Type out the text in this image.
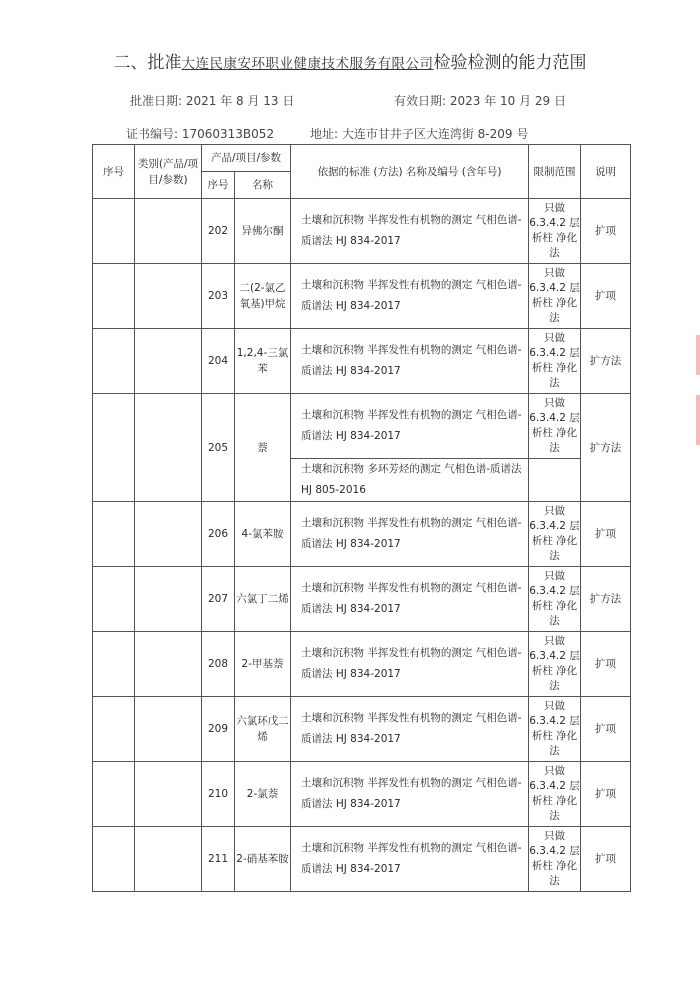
二、批准大连民康安环职业健康技术服务有限公司检验检测的能力范围
批准日期: 2021 年 8 月 13 日	有效日期: 2023 年 10 月 29 日
证书编号: 17060313B052	地址: 大连市甘井子区大连湾街 8-209 号
序号	类别(产品/项目/参数)	产品/项目/参数		依据的标准 (方法) 名称及编号 (含年号)	限制范围	说明
		序号	名称			
		202	异佛尔酮	土壤和沉积物 半挥发性有机物的测定 气相色谱-质谱法 HJ 834-2017	只做 6.3.4.2 层析柱 净化法	扩项
		203	二(2-氯乙氧基)甲烷	土壤和沉积物 半挥发性有机物的测定 气相色谱-质谱法 HJ 834-2017	只做 6.3.4.2 层析柱 净化法	扩项
		204	1,2,4-三氯苯	土壤和沉积物 半挥发性有机物的测定 气相色谱-质谱法 HJ 834-2017	只做 6.3.4.2 层析柱 净化法	扩方法
		205	萘	土壤和沉积物 半挥发性有机物的测定 气相色谱-质谱法 HJ 834-2017	只做 6.3.4.2 层析柱 净化法	扩方法
				土壤和沉积物 多环芳烃的测定 气相色谱-质谱法 HJ 805-2016		
		206	4-氯苯胺	土壤和沉积物 半挥发性有机物的测定 气相色谱-质谱法 HJ 834-2017	只做 6.3.4.2 层析柱 净化法	扩项
		207	六氯丁二烯	土壤和沉积物 半挥发性有机物的测定 气相色谱-质谱法 HJ 834-2017	只做 6.3.4.2 层析柱 净化法	扩方法
		208	2-甲基萘	土壤和沉积物 半挥发性有机物的测定 气相色谱-质谱法 HJ 834-2017	只做 6.3.4.2 层析柱 净化法	扩项
		209	六氯环戊二烯	土壤和沉积物 半挥发性有机物的测定 气相色谱-质谱法 HJ 834-2017	只做 6.3.4.2 层析柱 净化法	扩项
		210	2-氯萘	土壤和沉积物 半挥发性有机物的测定 气相色谱-质谱法 HJ 834-2017	只做 6.3.4.2 层析柱 净化法	扩项
		211	2-硝基苯胺	土壤和沉积物 半挥发性有机物的测定 气相色谱-质谱法 HJ 834-2017	只做 6.3.4.2 层析柱 净化法	扩项
